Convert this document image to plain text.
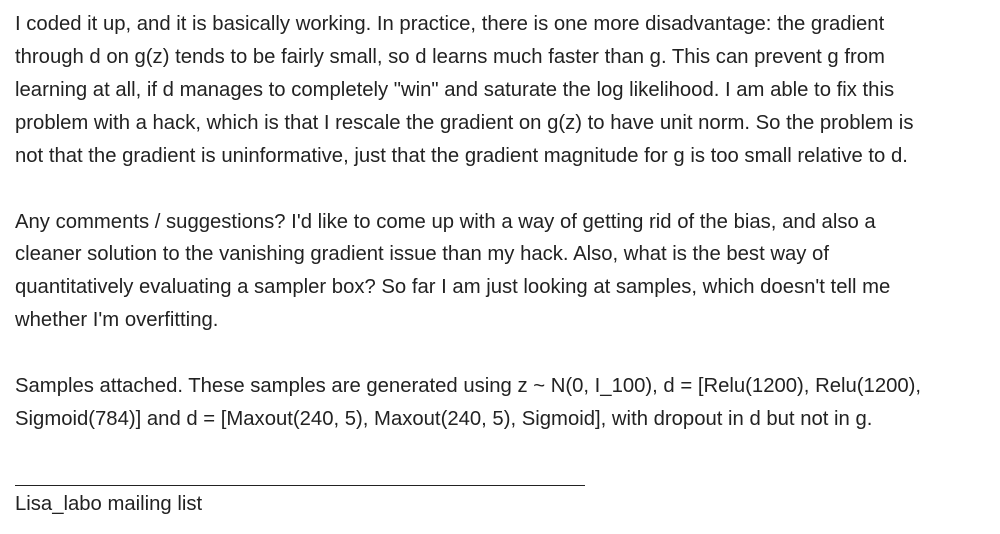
I coded it up, and it is basically working. In practice, there is one more disadvantage: the gradient
through d on g(z) tends to be fairly small, so d learns much faster than g. This can prevent g from
learning at all, if d manages to completely "win" and saturate the log likelihood. I am able to fix this
problem with a hack, which is that I rescale the gradient on g(z) to have unit norm. So the problem is
not that the gradient is uninformative, just that the gradient magnitude for g is too small relative to d.

Any comments / suggestions? I'd like to come up with a way of getting rid of the bias, and also a
cleaner solution to the vanishing gradient issue than my hack. Also, what is the best way of
quantitatively evaluating a sampler box? So far I am just looking at samples, which doesn't tell me
whether I'm overfitting.

Samples attached. These samples are generated using z ~ N(0, I_100), d = [Relu(1200), Relu(1200),
Sigmoid(784)] and d = [Maxout(240, 5), Maxout(240, 5), Sigmoid], with dropout in d but not in g.

Lisa_labo mailing list
